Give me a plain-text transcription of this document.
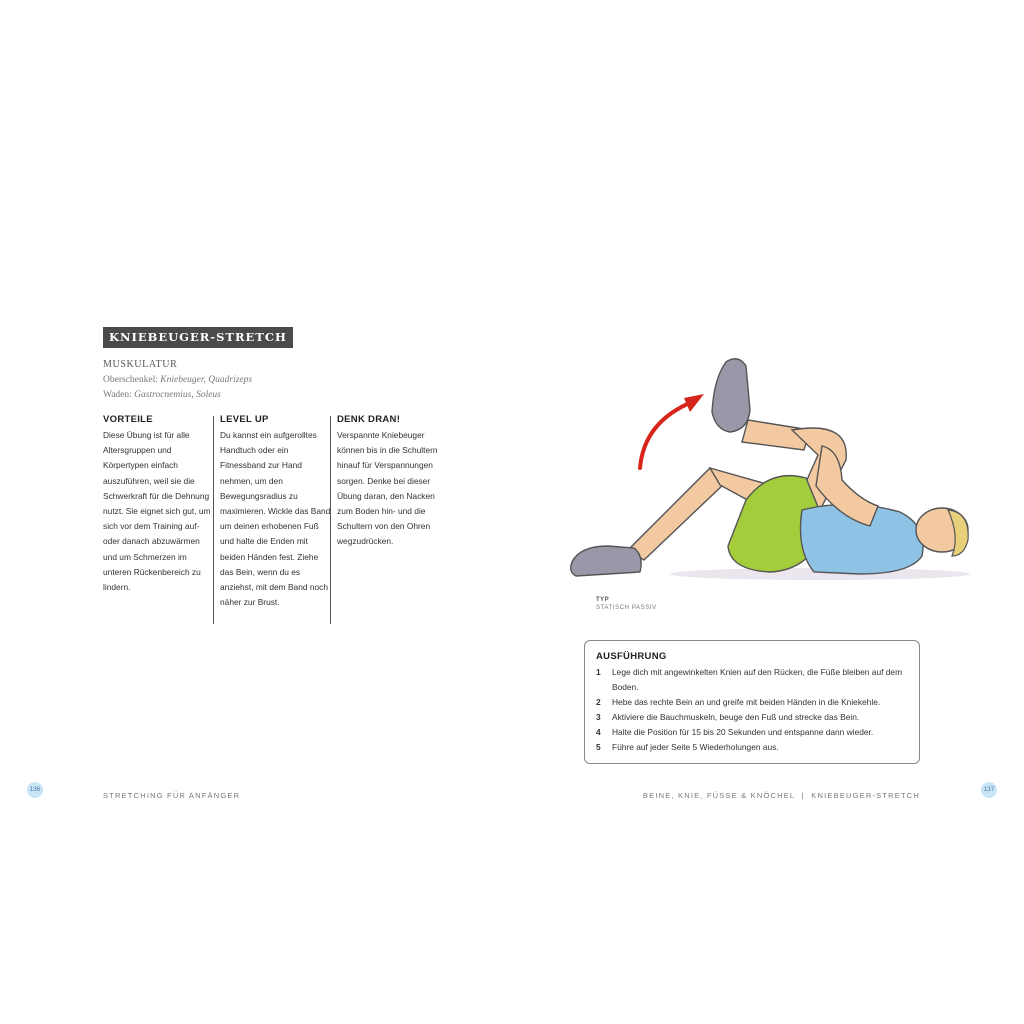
KNIEBEUGER-STRETCH
MUSKULATUR
Oberschenkel: Kniebeuger, Quadrizeps
Waden: Gastrocnemius, Soleus
VORTEILE

Diese Übung ist für alle Altersgruppen und Körpertypen einfach auszuführen, weil sie die Schwerkraft für die Dehnung nutzt. Sie eignet sich gut, um sich vor dem Training auf- oder danach abzuwärmen und um Schmerzen im unteren Rückenbereich zu lindern.

LEVEL UP

Du kannst ein aufgerolltes Handtuch oder ein Fitnessband zur Hand nehmen, um den Bewegungsradius zu maximieren. Wickle das Band um deinen erhobenen Fuß und halte die Enden mit beiden Händen fest. Ziehe das Bein, wenn du es anziehst, mit dem Band noch näher zur Brust.

DENK DRAN!

Verspannte Kniebeuger können bis in die Schultern hinauf für Verspannungen sorgen. Denke bei dieser Übung daran, den Nacken zum Boden hin- und die Schultern von den Ohren wegzudrücken.

TYP
STATISCH PASSIV
AUSFÜHRUNG
1 Lege dich mit angewinkelten Knien auf den Rücken, die Füße bleiben auf dem Boden.
2 Hebe das rechte Bein an und greife mit beiden Händen in die Kniekehle.
3 Aktiviere die Bauchmuskeln, beuge den Fuß und strecke das Bein.
4 Halte die Position für 15 bis 20 Sekunden und entspanne dann wieder.
5 Führe auf jeder Seite 5 Wiederholungen aus.
136
STRETCHING FÜR ANFÄNGER	BEINE, KNIE, FÜSSE & KNÖCHEL  |  KNIEBEUGER-STRETCH
137
